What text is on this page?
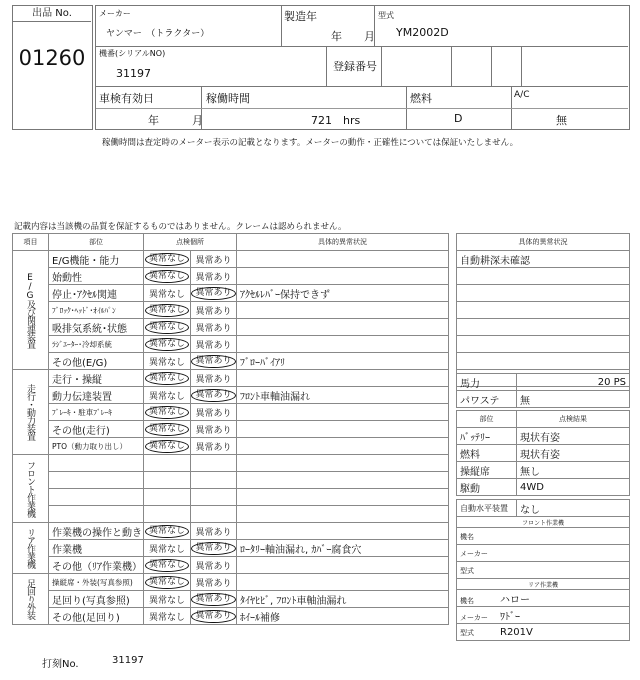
出品 No.
01260
メーカー
ヤンマー　（トラクター）
製造年
年　　月
型式
YM2002D
機番(シリアルNO)
31197
登録番号
車検有効日
年　　　月
稼働時間
721　hrs
燃料
D
A/C
無
稼働時間は査定時のメーター表示の記載となります。メーターの動作・正確性については保証いたしません。
記載内容は当該機の品質を保証するものではありません。クレームは認められません。
項目	部位	点検個所		具体的異常状況
E/G及び関連装置	E/G機能・能力	異常なし	異常あり	
	始動性	異常なし	異常あり	
	停止･ｱｸｾﾙ関連	異常なし	異常あり	ｱｸｾﾙﾚﾊﾞｰ保持できず
	ﾌﾞﾛｯｸ･ﾍｯﾄﾞ･ｵｲﾙﾊﾟﾝ	異常なし	異常あり	
	吸排気系統･状態	異常なし	異常あり	
	ﾗｼﾞｴｰﾀｰ･冷却系統	異常なし	異常あり	
	その他(E/G)	異常なし	異常あり	ﾌﾞﾛｰﾊﾞｲｱﾘ
走行・動力装置	走行・操縦	異常なし	異常あり	
	動力伝達装置	異常なし	異常あり	ﾌﾛﾝﾄ車軸油漏れ
	ﾌﾞﾚｰｷ・駐車ﾌﾞﾚｰｷ	異常なし	異常あり	
	その他(走行)	異常なし	異常あり	
	PTO（動力取り出し）	異常なし	異常あり	
フロント作業機				

リア作業機	作業機の操作と動き	異常なし	異常あり	
	作業機	異常なし	異常あり	ﾛｰﾀﾘｰ軸油漏れ, ｶﾊﾞｰ腐食穴
	その他（ﾘｱ作業機）	異常なし	異常あり	
足回り外装	操縦席・外装(写真参照)	異常なし	異常あり	
	足回り(写真参照)	異常なし	異常あり	ﾀｲﾔﾋﾋﾞ, ﾌﾛﾝﾄ車軸油漏れ
	その他(足回り)	異常なし	異常あり	ﾎｲｰﾙ補修
具体的異常状況
自動耕深未確認

馬力	20 PS
パワステ	無
部位	点検結果
ﾊﾞｯﾃﾘｰ	現状有姿
燃料	現状有姿
操縦席	無し
駆動	4WD
自動水平装置	なし
フロント作業機
機名
メーカー
型式
リア作業機
機名	ハロー
メーカー ﾜﾄﾞｰ
型式	R201V
打刻No.	31197
